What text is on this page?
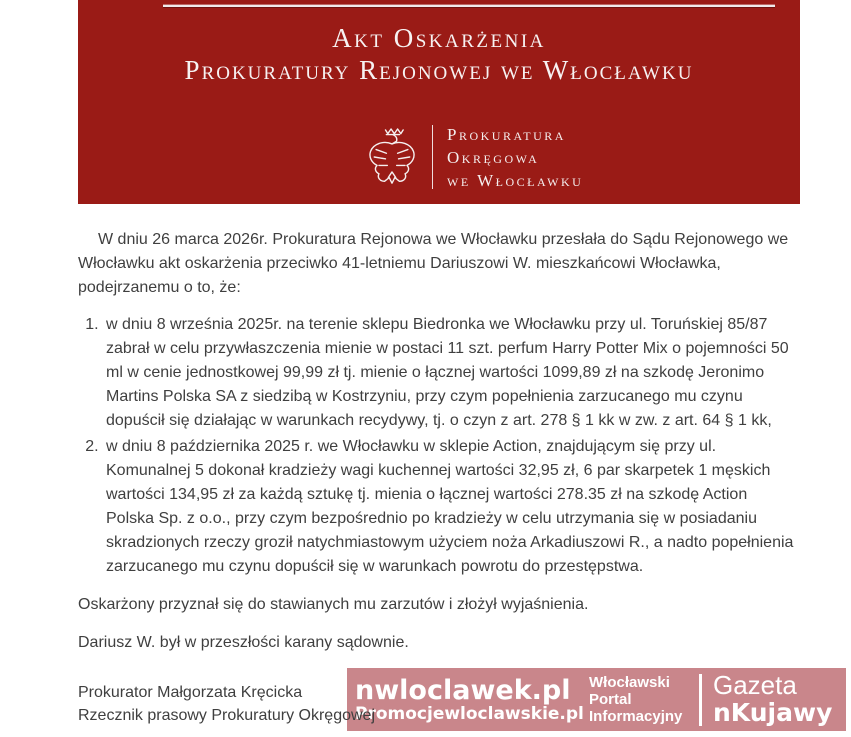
Akt Oskarżenia
Prokuratury Rejonowej we Włocławku
Prokuratura
Okręgowa
we Włocławku

W dniu 26 marca 2026r. Prokuratura Rejonowa we Włocławku przesłała do Sądu Rejonowego we Włocławku akt oskarżenia przeciwko 41-letniemu Dariuszowi W. mieszkańcowi Włocławka, podejrzanemu o to, że:

1. w dniu 8 września 2025r. na terenie sklepu Biedronka we Włocławku przy ul. Toruńskiej 85/87 zabrał w celu przywłaszczenia mienie w postaci 11 szt. perfum Harry Potter Mix o pojemności 50 ml w cenie jednostkowej 99,99 zł tj. mienie o łącznej wartości 1099,89 zł na szkodę Jeronimo Martins Polska SA z siedzibą w Kostrzyniu, przy czym popełnienia zarzucanego mu czynu dopuścił się działając w warunkach recydywy, tj. o czyn z art. 278 § 1 kk w zw. z art. 64 § 1 kk,
2. w dniu 8 października 2025 r. we Włocławku w sklepie Action, znajdującym się przy ul. Komunalnej 5 dokonał kradzieży wagi kuchennej wartości 32,95 zł, 6 par skarpetek 1 męskich wartości 134,95 zł za każdą sztukę tj. mienia o łącznej wartości 278.35 zł na szkodę Action Polska Sp. z o.o., przy czym bezpośrednio po kradzieży w celu utrzymania się w posiadaniu skradzionych rzeczy groził natychmiastowym użyciem noża Arkadiuszowi R., a nadto popełnienia zarzucanego mu czynu dopuścił się w warunkach powrotu do przestępstwa.

Oskarżony przyznał się do stawianych mu zarzutów i złożył wyjaśnienia.

Dariusz W. był w przeszłości karany sądownie.

Prokurator Małgorzata Kręcicka
Rzecznik prasowy Prokuratury Okręgowej
nwloclawek.pl
Promocjewloclawskie.pl
Włocławski
Portal
Informacyjny
Gazeta
nKujawy
